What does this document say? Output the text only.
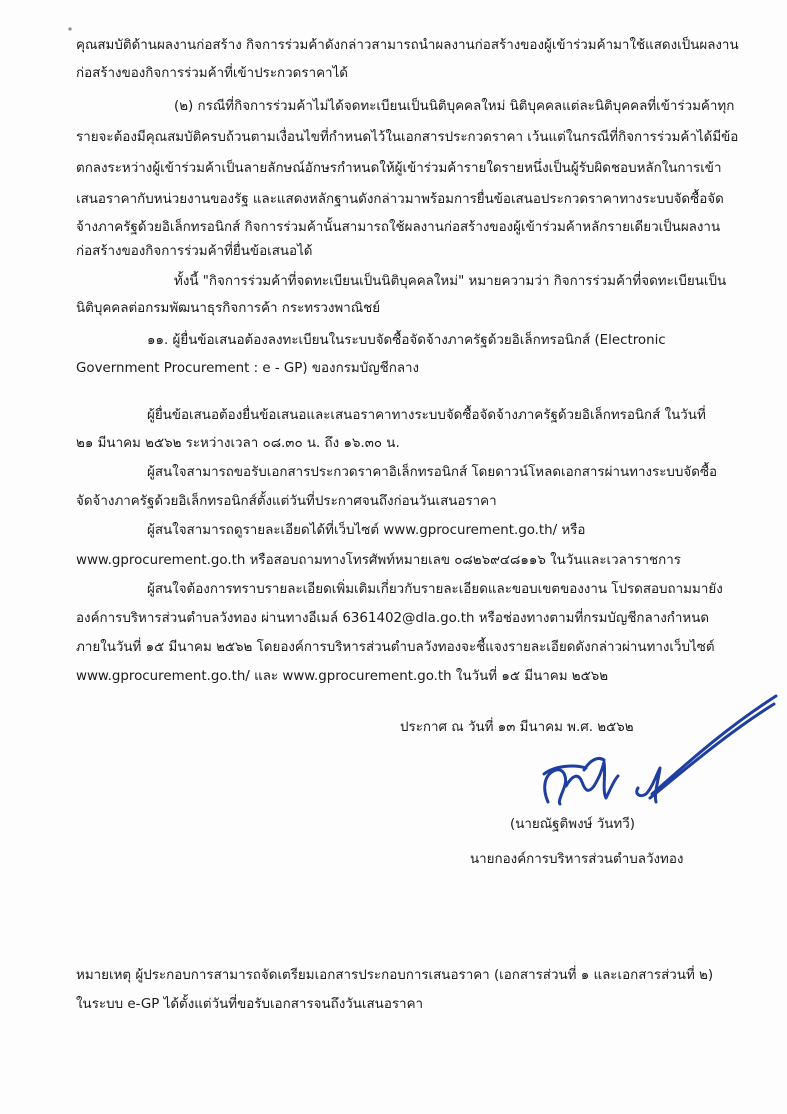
คุณสมบัติด้านผลงานก่อสร้าง กิจการร่วมค้าดังกล่าวสามารถนำผลงานก่อสร้างของผู้เข้าร่วมค้ามาใช้แสดงเป็นผลงาน
ก่อสร้างของกิจการร่วมค้าที่เข้าประกวดราคาได้
(๒) กรณีที่กิจการร่วมค้าไม่ได้จดทะเบียนเป็นนิติบุคคลใหม่ นิติบุคคลแต่ละนิติบุคคลที่เข้าร่วมค้าทุก
รายจะต้องมีคุณสมบัติครบถ้วนตามเงื่อนไขที่กำหนดไว้ในเอกสารประกวดราคา เว้นแต่ในกรณีที่กิจการร่วมค้าได้มีข้อ
ตกลงระหว่างผู้เข้าร่วมค้าเป็นลายลักษณ์อักษรกำหนดให้ผู้เข้าร่วมค้ารายใดรายหนึ่งเป็นผู้รับผิดชอบหลักในการเข้า
เสนอราคากับหน่วยงานของรัฐ และแสดงหลักฐานดังกล่าวมาพร้อมการยื่นข้อเสนอประกวดราคาทางระบบจัดซื้อจัด
จ้างภาครัฐด้วยอิเล็กทรอนิกส์ กิจการร่วมค้านั้นสามารถใช้ผลงานก่อสร้างของผู้เข้าร่วมค้าหลักรายเดียวเป็นผลงาน
ก่อสร้างของกิจการร่วมค้าที่ยื่นข้อเสนอได้
ทั้งนี้ "กิจการร่วมค้าที่จดทะเบียนเป็นนิติบุคคลใหม่" หมายความว่า กิจการร่วมค้าที่จดทะเบียนเป็น
นิติบุคคลต่อกรมพัฒนาธุรกิจการค้า กระทรวงพาณิชย์
๑๑. ผู้ยื่นข้อเสนอต้องลงทะเบียนในระบบจัดซื้อจัดจ้างภาครัฐด้วยอิเล็กทรอนิกส์ (Electronic
Government Procurement : e - GP) ของกรมบัญชีกลาง
ผู้ยื่นข้อเสนอต้องยื่นข้อเสนอและเสนอราคาทางระบบจัดซื้อจัดจ้างภาครัฐด้วยอิเล็กทรอนิกส์ ในวันที่
๒๑ มีนาคม ๒๕๖๒ ระหว่างเวลา ๐๘.๓๐ น. ถึง ๑๖.๓๐ น.
ผู้สนใจสามารถขอรับเอกสารประกวดราคาอิเล็กทรอนิกส์ โดยดาวน์โหลดเอกสารผ่านทางระบบจัดซื้อ
จัดจ้างภาครัฐด้วยอิเล็กทรอนิกส์ตั้งแต่วันที่ประกาศจนถึงก่อนวันเสนอราคา
ผู้สนใจสามารถดูรายละเอียดได้ที่เว็บไซต์ www.gprocurement.go.th/ หรือ
www.gprocurement.go.th หรือสอบถามทางโทรศัพท์หมายเลข ๐๘๒๖๙๔๘๑๑๖ ในวันและเวลาราชการ
ผู้สนใจต้องการทราบรายละเอียดเพิ่มเติมเกี่ยวกับรายละเอียดและขอบเขตของงาน โปรดสอบถามมายัง
องค์การบริหารส่วนตำบลวังทอง ผ่านทางอีเมล์ 6361402@dla.go.th หรือช่องทางตามที่กรมบัญชีกลางกำหนด
ภายในวันที่ ๑๕ มีนาคม ๒๕๖๒ โดยองค์การบริหารส่วนตำบลวังทองจะชี้แจงรายละเอียดดังกล่าวผ่านทางเว็บไซต์
www.gprocurement.go.th/ และ www.gprocurement.go.th ในวันที่ ๑๕ มีนาคม ๒๕๖๒
ประกาศ ณ วันที่ ๑๓ มีนาคม พ.ศ. ๒๕๖๒
(นายณัฐติพงษ์ วันทวี)
นายกองค์การบริหารส่วนตำบลวังทอง
หมายเหตุ ผู้ประกอบการสามารถจัดเตรียมเอกสารประกอบการเสนอราคา (เอกสารส่วนที่ ๑ และเอกสารส่วนที่ ๒)
ในระบบ e-GP ได้ตั้งแต่วันที่ขอรับเอกสารจนถึงวันเสนอราคา
